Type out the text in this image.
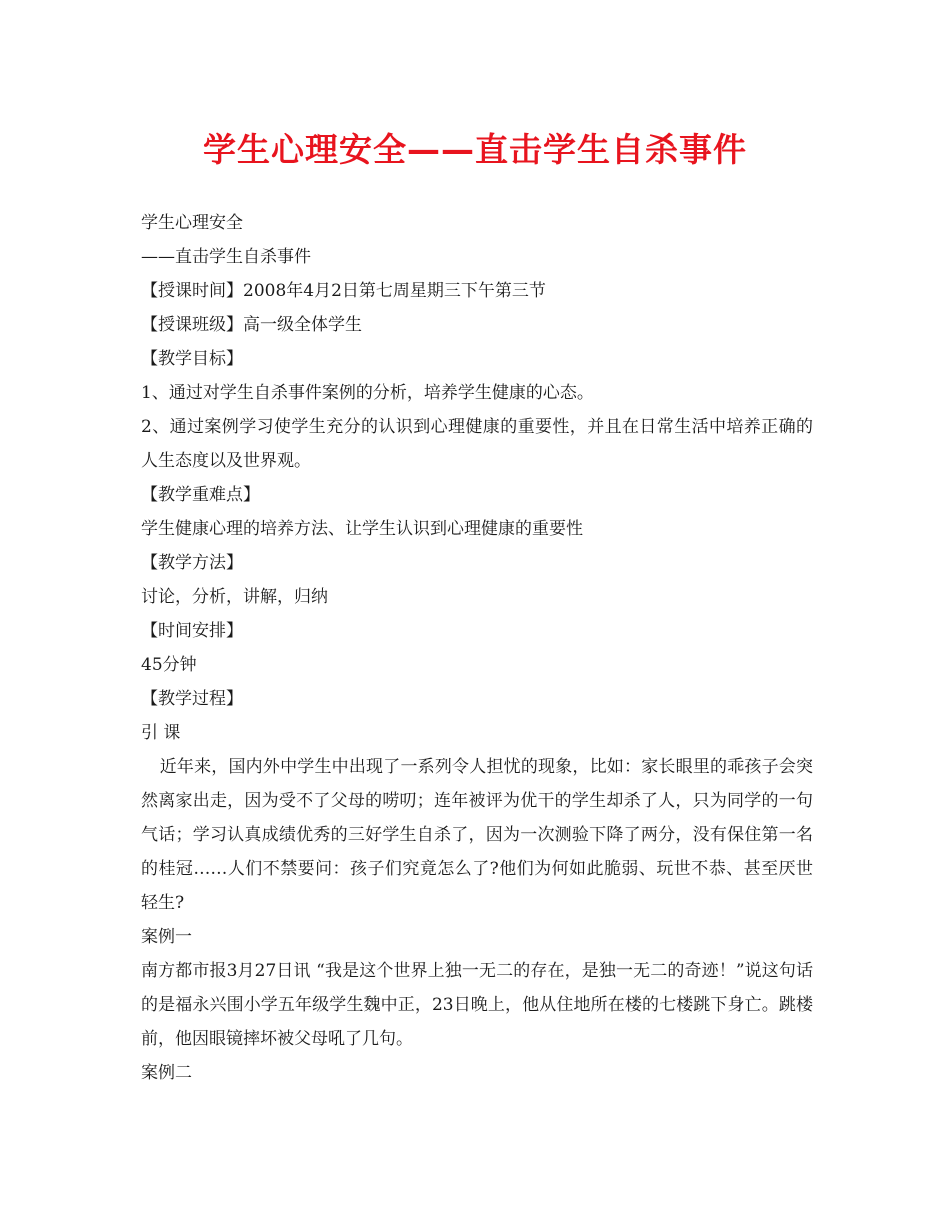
学生心理安全——直击学生自杀事件

学生心理安全

——直击学生自杀事件

【授课时间】2008年4月2日第七周星期三下午第三节

【授课班级】高一级全体学生

【教学目标】

1、通过对学生自杀事件案例的分析，培养学生健康的心态。

2、通过案例学习使学生充分的认识到心理健康的重要性，并且在日常生活中培养正确的人生态度以及世界观。

【教学重难点】

学生健康心理的培养方法、让学生认识到心理健康的重要性

【教学方法】

讨论，分析，讲解，归纳

【时间安排】

45分钟

【教学过程】

引 课

近年来，国内外中学生中出现了一系列令人担忧的现象，比如：家长眼里的乖孩子会突然离家出走，因为受不了父母的唠叨；连年被评为优干的学生却杀了人，只为同学的一句气话；学习认真成绩优秀的三好学生自杀了，因为一次测验下降了两分，没有保住第一名的桂冠……人们不禁要问：孩子们究竟怎么了?他们为何如此脆弱、玩世不恭、甚至厌世轻生?

案例一

南方都市报3月27日讯 “我是这个世界上独一无二的存在，是独一无二的奇迹！”说这句话的是福永兴围小学五年级学生魏中正，23日晚上，他从住地所在楼的七楼跳下身亡。跳楼前，他因眼镜摔坏被父母吼了几句。

案例二
